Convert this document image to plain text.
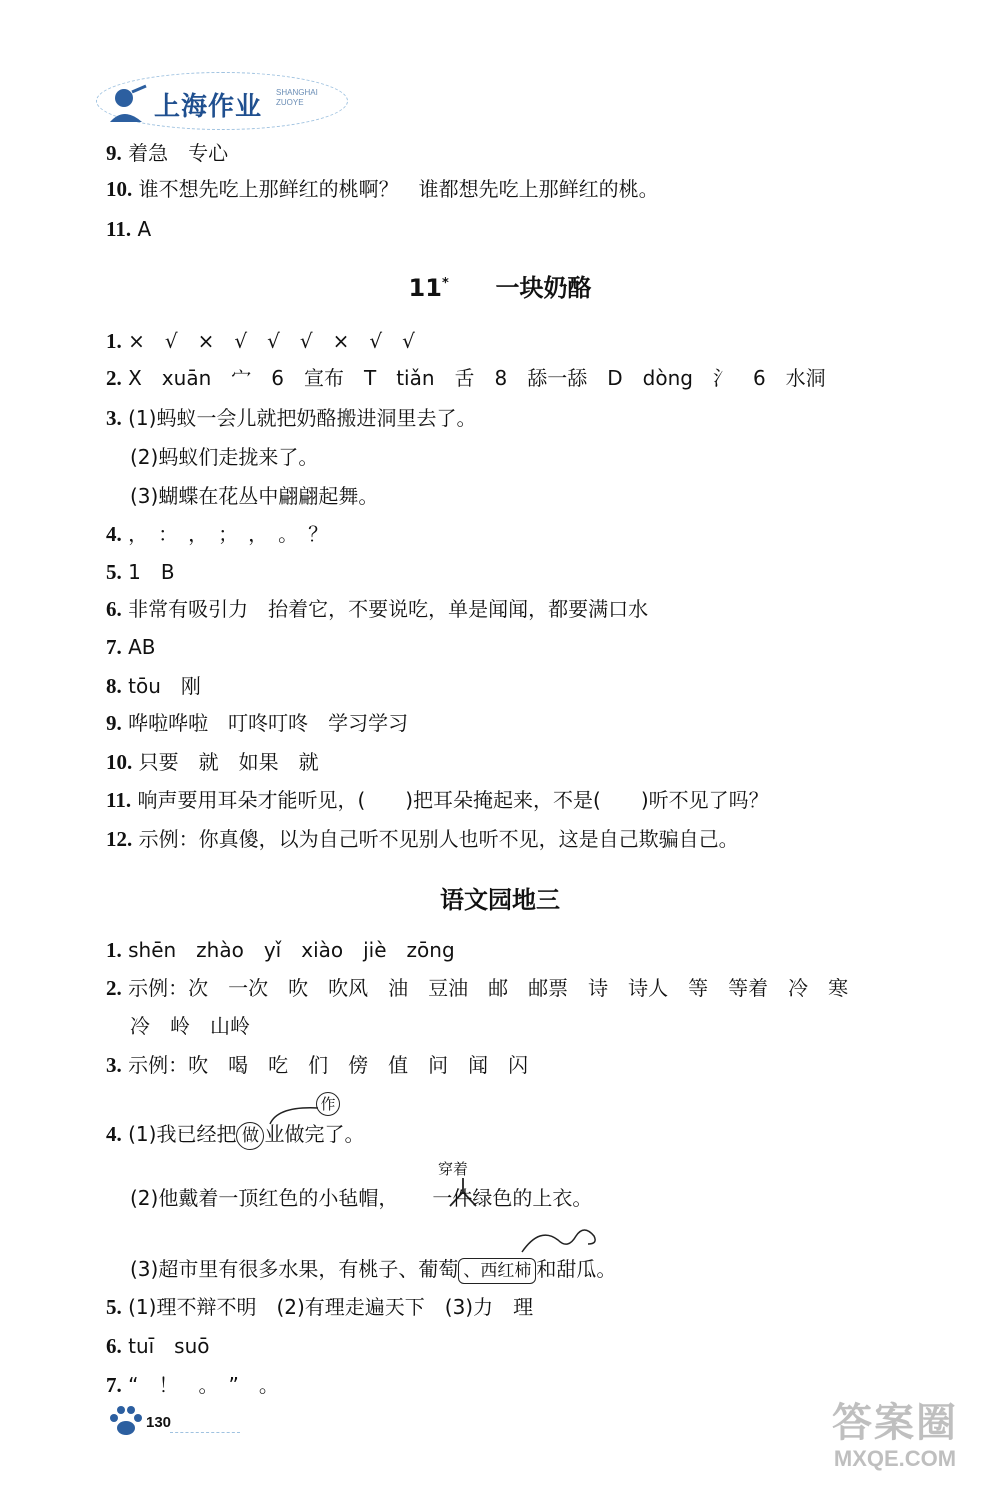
上海作业 SHANGHAI ZUOYE
9. 着急　专心
10. 谁不想先吃上那鲜红的桃啊？　谁都想先吃上那鲜红的桃。
11. A
11* 一块奶酪
1. ×　√　×　√　√　√　×　√　√
2. X　xuān　宀　6　宣布　T　tiǎn　舌　8　舔一舔　D　dòng　氵　6　水洞
3. (1)蚂蚁一会儿就把奶酪搬进洞里去了。
(2)蚂蚁们走拢来了。
(3)蝴蝶在花丛中翩翩起舞。
4. ，　：　，　；　，　。　？
5. 1　B
6. 非常有吸引力　抬着它，不要说吃，单是闻闻，都要满口水
7. AB
8. tōu　刚
9. 哗啦哗啦　叮咚叮咚　学习学习
10. 只要　就　如果　就
11. 响声要用耳朵才能听见，(　　)把耳朵掩起来，不是(　　)听不见了吗？
12. 示例：你真傻，以为自己听不见别人也听不见，这是自己欺骗自己。
语文园地三
1. shēn　zhào　yǐ　xiào　jiè　zōng
2. 示例：次　一次　吹　吹风　油　豆油　邮　邮票　诗　诗人　等　等着　冷　寒
冷　岭　山岭
3. 示例：吹　喝　吃　们　傍　值　问　闻　闪
作
4. (1)我已经把 做 业做完了。
穿着
(2)他戴着一顶红色的小毡帽， 一件绿色的上衣。
(3)超市里有很多水果，有桃子、葡萄 、西红柿 和甜瓜。
5. (1)理不辩不明　(2)有理走遍天下　(3)力　理
6. tuī　suō
7. “　！　。　”　。
130	答案圈
MXQE.COM
